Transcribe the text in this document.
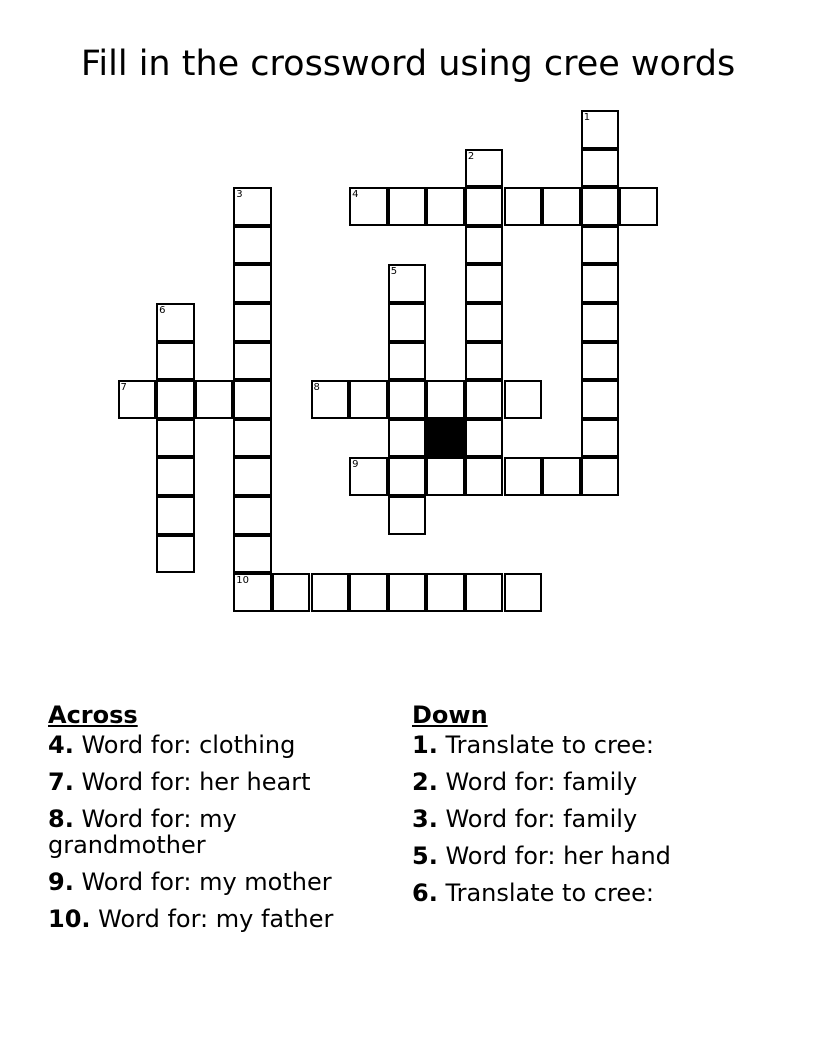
Fill in the crossword using cree words
1
2
3	4
5
6
7	8
9
10
Across
4. Word for: clothing
7. Word for: her heart
8. Word for: my grandmother
9. Word for: my mother
10. Word for: my father
Down
1. Translate to cree:
2. Word for: family
3. Word for: family
5. Word for: her hand
6. Translate to cree:
